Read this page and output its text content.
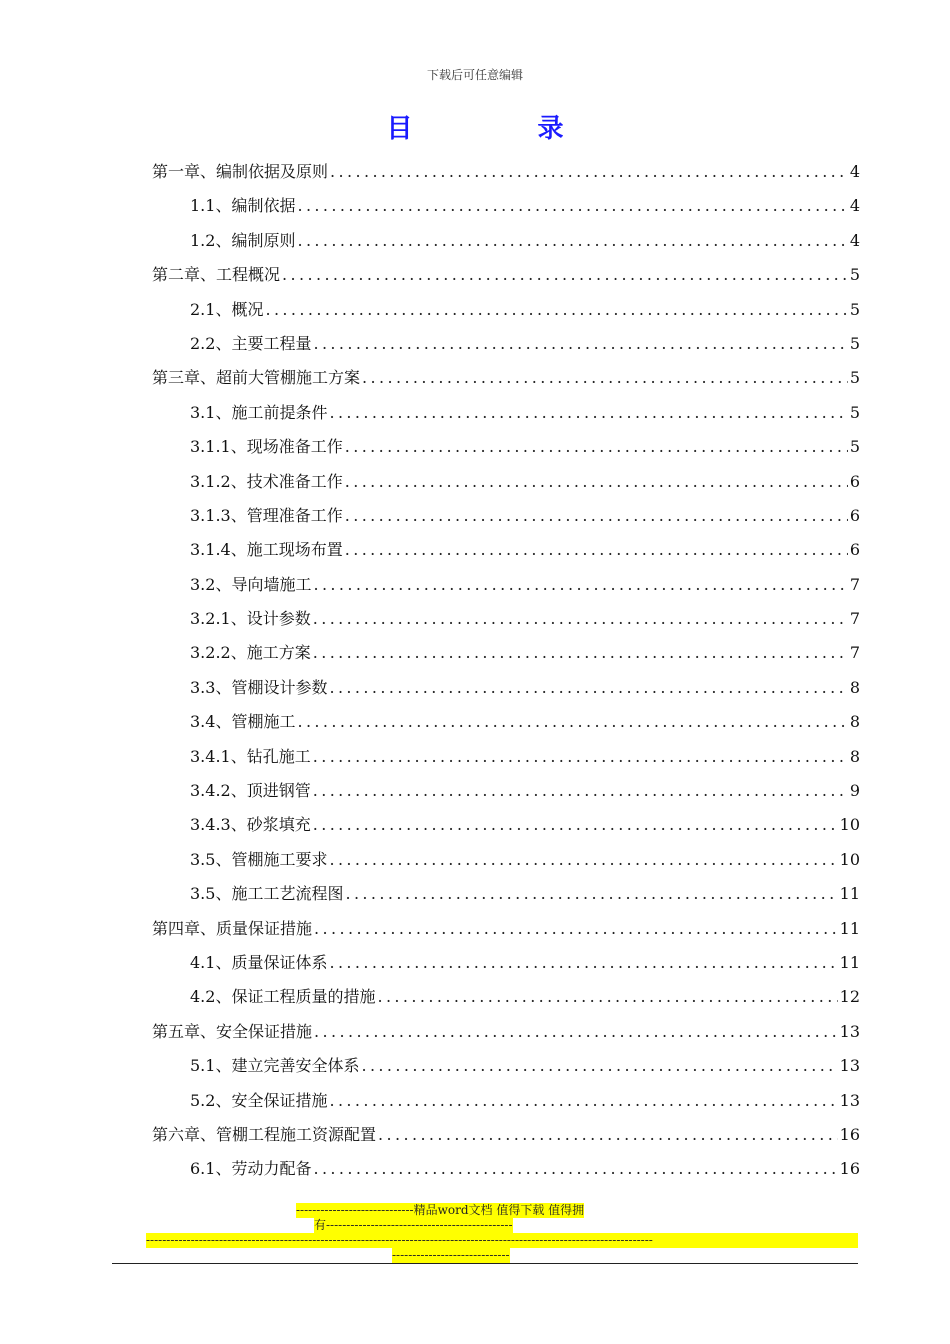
下载后可任意编辑
目 录
第一章、编制依据及原则 .....	4
1.1、编制依据 .....	4
1.2、编制原则 .....	4
第二章、工程概况 .....	5
2.1、概况 .....	5
2.2、主要工程量 .....	5
第三章、超前大管棚施工方案 .....	5
3.1、施工前提条件 .....	5
3.1.1、现场准备工作 .....	5
3.1.2、技术准备工作 .....	6
3.1.3、管理准备工作 .....	6
3.1.4、施工现场布置 .....	6
3.2、导向墙施工 .....	7
3.2.1、设计参数 .....	7
3.2.2、施工方案 .....	7
3.3、管棚设计参数 .....	8
3.4、管棚施工 .....	8
3.4.1、钻孔施工 .....	8
3.4.2、顶进钢管 .....	9
3.4.3、砂浆填充 .....	10
3.5、管棚施工要求 .....	10
3.5、施工工艺流程图 .....	11
第四章、质量保证措施 .....	11
4.1、质量保证体系 .....	11
4.2、保证工程质量的措施 .....	12
第五章、安全保证措施 .....	13
5.1、建立完善安全体系 .....	13
5.2、安全保证措施 .....	13
第六章、管棚工程施工资源配置 .....	16
6.1、劳动力配备 .....	16
-----------------------------精品word文档 值得下载 值得拥
有----------------------------------------------
-----------------------------------------------------------------------------------------------------------------------------
-----------------------------
